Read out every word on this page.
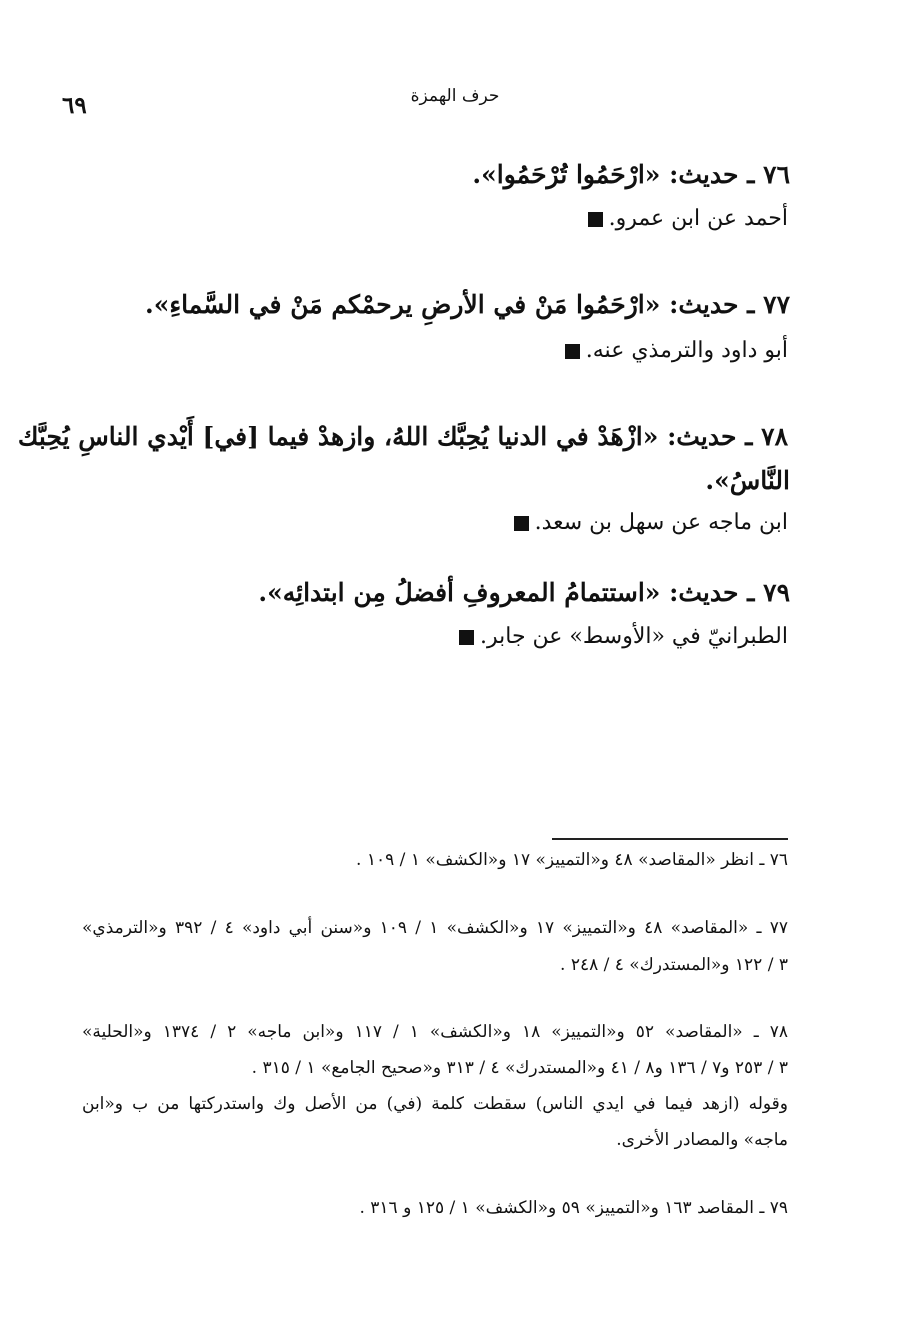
حرف الهمزة
٦٩
٧٦ ـ حديث: «ارْحَمُوا تُرْحَمُوا».
أحمد عن ابن عمرو.
٧٧ ـ حديث: «ارْحَمُوا مَنْ في الأرضِ يرحمْكم مَنْ في السَّماءِ».
أبو داود والترمذي عنه.
٧٨ ـ حديث: «ازْهَدْ في الدنيا يُحِبَّك اللهُ، وازهدْ فيما [في] أَيْدي الناسِ يُحِبَّك
النَّاسُ».
ابن ماجه عن سهل بن سعد.
٧٩ ـ حديث: «استتمامُ المعروفِ أفضلُ مِن ابتدائِه».
الطبرانيّ في «الأوسط» عن جابر.
٧٦ ـ انظر «المقاصد» ٤٨ و«التمييز» ١٧ و«الكشف» ١ / ١٠٩ .
٧٧ ـ «المقاصد» ٤٨ و«التمييز» ١٧ و«الكشف» ١ / ١٠٩ و«سنن أبي داود» ٤ / ٣٩٢ و«الترمذي»
٣ / ١٢٢ و«المستدرك» ٤ / ٢٤٨ .
٧٨ ـ «المقاصد» ٥٢ و«التمييز» ١٨ و«الكشف» ١ / ١١٧ و«ابن ماجه» ٢ / ١٣٧٤ و«الحلية»
٣ / ٢٥٣ و٧ / ١٣٦ و٨ / ٤١ و«المستدرك» ٤ / ٣١٣ و«صحيح الجامع» ١ / ٣١٥ .
وقوله (ازهد فيما في ايدي الناس) سقطت كلمة (في) من الأصل وك واستدركتها من ب و«ابن
ماجه» والمصادر الأخرى.
٧٩ ـ المقاصد ١٦٣ و«التمييز» ٥٩ و«الكشف» ١ / ١٢٥ و ٣١٦ .
